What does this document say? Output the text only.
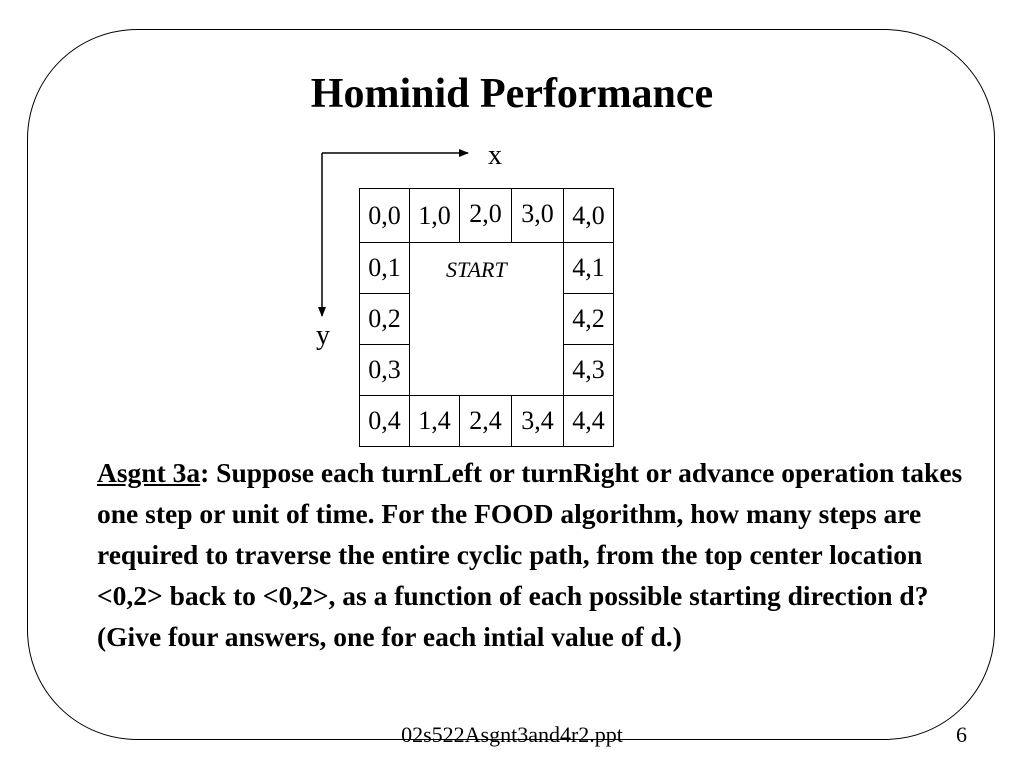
Hominid Performance
x
y
0,0 1,0 2,0 3,0 4,0
0,1
0,2
0,3
4,1
4,2
4,3
0,4 1,4 2,4 3,4 4,4
START
Asgnt 3a: Suppose each turnLeft or turnRight or advance operation takes one step or unit of time. For the FOOD algorithm, how many steps are required to traverse the entire cyclic path, from the top center location <0,2> back to <0,2>, as a function of each possible starting direction d? (Give four answers, one for each intial value of d.)
02s522Asgnt3and4r2.ppt	6
